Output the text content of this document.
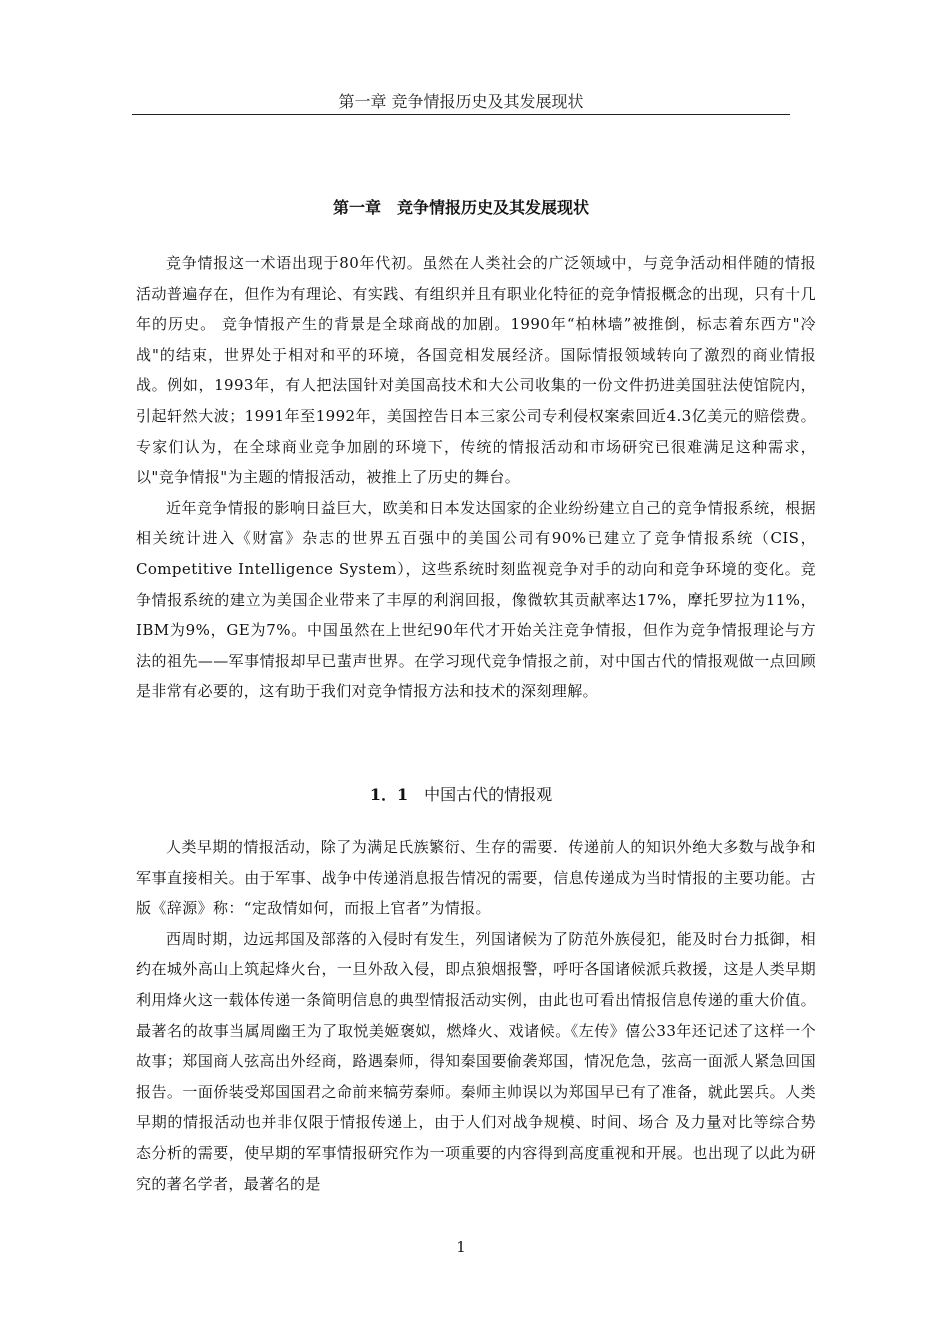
第一章 竞争情报历史及其发展现状
第一章　竞争情报历史及其发展现状

竞争情报这一术语出现于80年代初。虽然在人类社会的广泛领域中，与竞争活动相伴随的情报活动普遍存在，但作为有理论、有实践、有组织并且有职业化特征的竞争情报概念的出现，只有十几年的历史。 竞争情报产生的背景是全球商战的加剧。1990年“柏林墙”被推倒，标志着东西方"冷战"的结束，世界处于相对和平的环境，各国竞相发展经济。国际情报领域转向了激烈的商业情报战。例如，1993年，有人把法国针对美国高技术和大公司收集的一份文件扔进美国驻法使馆院内，引起轩然大波；1991年至1992年，美国控告日本三家公司专利侵权案索回近4.3亿美元的赔偿费。 专家们认为，在全球商业竞争加剧的环境下，传统的情报活动和市场研究已很难满足这种需求，以"竞争情报"为主题的情报活动，被推上了历史的舞台。

近年竞争情报的影响日益巨大，欧美和日本发达国家的企业纷纷建立自己的竞争情报系统，根据相关统计进入《财富》杂志的世界五百强中的美国公司有90%已建立了竞争情报系统（CIS，Competitive Intelligence System），这些系统时刻监视竞争对手的动向和竞争环境的变化。竞争情报系统的建立为美国企业带来了丰厚的利润回报，像微软其贡献率达17%，摩托罗拉为11%，IBM为9%，GE为7%。中国虽然在上世纪90年代才开始关注竞争情报，但作为竞争情报理论与方法的祖先——军事情报却早已蜚声世界。在学习现代竞争情报之前，对中国古代的情报观做一点回顾是非常有必要的，这有助于我们对竞争情报方法和技术的深刻理解。

1．1 中国古代的情报观

人类早期的情报活动，除了为满足氏族繁衍、生存的需要．传递前人的知识外绝大多数与战争和军事直接相关。由于军事、战争中传递消息报告情况的需要，信息传递成为当时情报的主要功能。古版《辞源》称：“定敌情如何，而报上官者”为情报。

西周时期，边远邦国及部落的入侵时有发生，列国诸候为了防范外族侵犯，能及时台力抵御，相约在城外高山上筑起烽火台，一旦外敌入侵，即点狼烟报警，呼吁各国诸候派兵救援，这是人类早期利用烽火这一载体传递一条简明信息的典型情报活动实例，由此也可看出情报信息传递的重大价值。最著名的故事当属周幽王为了取悦美姬褒姒，燃烽火、戏诸候。《左传》僖公33年还记述了这样一个故事；郑国商人弦高出外经商，路遇秦师，得知秦国要偷袭郑国，情况危急，弦高一面派人紧急回国报告。一面侨装受郑国国君之命前来犒劳秦师。秦师主帅误以为郑国早已有了准备，就此罢兵。人类早期的情报活动也并非仅限于情报传递上，由于人们对战争规模、时间、场合 及力量对比等综合势态分析的需要，使早期的军事情报研究作为一项重要的内容得到高度重视和开展。也出现了以此为研究的著名学者，最著名的是

1
